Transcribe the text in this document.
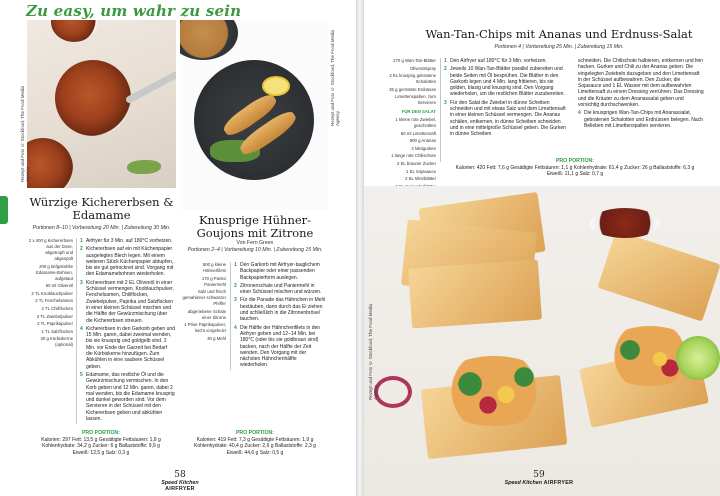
Zu easy, um wahr zu sein
Rezept und Foto © Stockfood, The Food Media Agency
Rezept und Foto © Stockfood, The Food Media Agency
Würzige Kichererbsen & Edamame
Portionen 8–10 | Vorbereitung 20 Min. | Zubereitung 30 Min.

2 x 400 g Kichererbsen aus der Dose, abgetropft und abgespült

200 g tiefgekühlte Edamame-Bohnen, aufgetaut

60 ml Olivenöl

2 TL Knoblauchpulver

2 TL Fenchelsamen

2 TL Chiliflocken

2 TL Zwiebelpulver

2 TL Paprikapulver

1 TL Salzflocken

30 g Kürbiskerne (optional)

1 Airfryer für 3 Min. auf 180°C vorheizen.
2 Kichererbsen auf ein mit Küchenpapier ausgelegtes Blech legen. Mit einem weiteren Stück Küchenpapier abtupfen, bis sie gut getrocknet sind. Vorgang mit den Edamamebohnen wiederholen.
3 Kichererbsen mit 2 EL Olivenöl in einer Schüssel vermengen. Knoblauchpulver, Fenchelsamen, Chiliflocken, Zwiebelpulver, Paprika und Salzflocken in einer kleinen Schüssel mischen und die Hälfte der Gewürzmischung über die Kichererbsen streuen.
4 Kichererbsen in den Garkorb geben und 15 Min. garen, dabei zweimal wenden, bis sie knusprig und goldgelb sind. 2 Min. vor Ende der Garzeit bei Bedarf die Kürbiskerne hinzufügen. Zum Abkühlen in eine saubere Schüssel geben.
5 Edamame, das restliche Öl und die Gewürzmischung vermischen. In den Korb geben und 12 Min. garen, dabei 2 mal wenden, bis die Edamame knusprig und dunkel geworden sind. Vor dem Servieren in der Schüssel mit den Kichererbsen geben und abkühlen lassen.
PRO PORTION:
Kalorien: 297 Fett: 13,5 g Gesättigte Fettsäuren: 1,9 g
Kohlenhydrate: 34,2 g Zucker: 6 g Ballaststoffe: 9,9 g
Eiweiß: 12,5 g Salz: 0,3 g
Knusprige Hühner-Goujons mit Zitrone
Von Fern Green
Portionen 2–4 | Vorbereitung 10 Min. | Zubereitung 15 Min.

500 g kleine Hähnerfilets

170 g Panko Paniermehl

Salz und frisch gemahlener schwarzer Pfeffer

abgeriebene Schale einer Zitrone

1 Prise Paprikapulver, leicht vorgeheizt

30 g Mehl

1 Den Garkorb mit Airfryer-tauglichem Backpapier oder einer passenden Backpapierform auslegen.
2 Zitronenschale und Paniermehl in einer Schüssel mischen und würzen.
3 Für die Panade das Hähnchen in Mehl bestäuben, dann durch das Ei ziehen und schließlich in die Zitronenbrösel tauchen.
4 Die Hälfte der Hähnchenfilets in den Airfryer geben und 12–14 Min. bei 180°C (oder bis sie goldbraun sind) backen, nach der Hälfte der Zeit wenden. Den Vorgang mit der nächsten Hähnchenhälfte wiederholen.
PRO PORTION:
Kalorien: 419 Fett: 7,3 g Gesättigte Fettsäuren: 1,9 g
Kohlenhydrate: 40,4 g Zucker: 2,6 g Ballaststoffe: 2,3 g
Eiweiß: 44,6 g Salz: 0,5 g
58
Speed Kitchen AIRFRYER
Wan-Tan-Chips mit Ananas und Erdnuss-Salat
Portionen 4 | Vorbereitung 25 Min. | Zubereitung 15 Min.

270 g Wan-Tan-Blätter

Olivenölspray

2 EL knusprig gebratene Schalotten

35 g geröstete Erdnüsse

Limettenspalten, zum Servieren

FÜR DEN SALAT

1 kleine rote Zwiebel, geschnitten

60 ml Limettensaft

900 g Ananas

4 Minigurken

1 lange rote Chilischote

2 EL brauner Zucker

1 EL Sojasauce

2 EL Minzblätter

1 Den Airfryer auf 180°C für 3 Min. vorheizen.
2 Jeweils 10 Wan-Tan-Blätter parallel zubereiten und beide Seiten mit Öl besprühen. Die Blätter in den Garkorb legen und 4 Min. lang frittieren, bis sie golden, blasig und knusprig sind. Den Vorgang wiederholen, um die restlichen Blätter zuzubereiten.
3 Für den Salat die Zwiebel in dünne Scheiben schneiden und mit etwas Salz und dem Limettensaft in einer kleinen Schüssel vermengen. Die Ananas schälen, entkernen, in dünne Scheiben schneiden und in eine mittelgroße Schüssel geben. Die Gurken in dünne Scheiben
schneiden. Die Chilischote halbieren, entkernen und fein hacken. Gurken und Chili zu der Ananas geben. Die eingelegten Zwiebeln dazugeben und den Limettensaft in der Schüssel aufbewahren. Den Zucker, die Sojasauce und 1 EL Wasser mit dem aufbewahrten Limettensaft zu einem Dressing verrühren. Das Dressing und die Kräuter zu dem Ananassalat geben und vorsichtig durchschwenken.
4 Die knusprigen Wan-Tan-Chips mit Ananassalat, gebratenen Schalotten und Erdnüssen belegen. Nach Belieben mit Limettenspalten servieren.
PRO PORTION:
Kalorien: 420 Fett: 7,6 g Gesättigte Fettsäuren: 1,1 g Kohlenhydrate: 61,4 g Zucker: 26 g Ballaststoffe: 6,3 g
Eiweiß: 11,1 g Salz: 0,7 g
Rezept und Foto © Stockfood, The Food Media Agency
59
Speed Kitchen AIRFRYER
